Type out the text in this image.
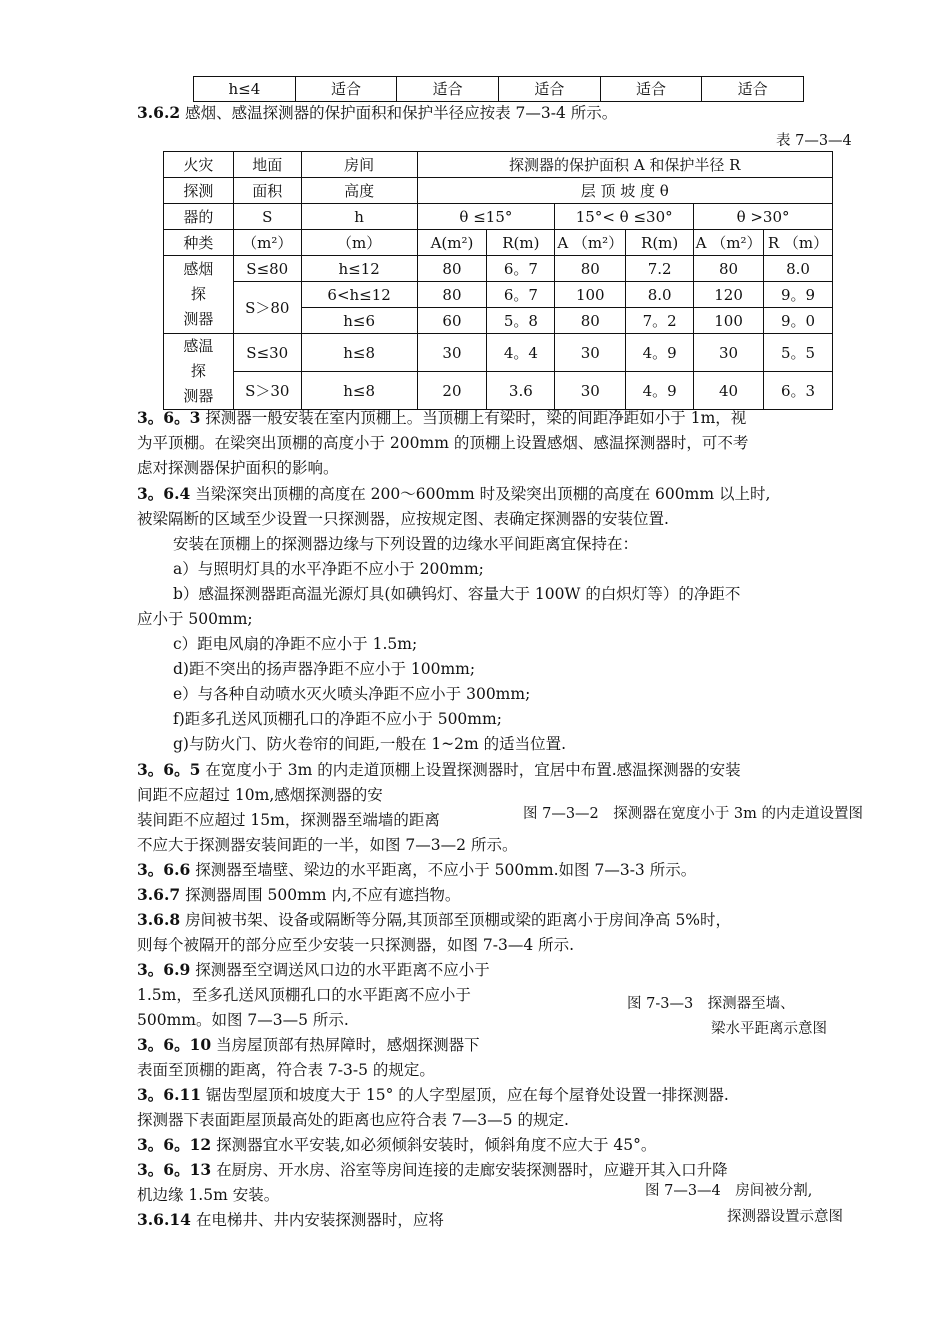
h≤4	适合	适合	适合	适合	适合
3.6.2 感烟、感温探测器的保护面积和保护半径应按表 7—3-4 所示。
表 7—3—4
火灾	地面	房间	探测器的保护面积 A 和保护半径 R					
探测	面积	高度	层 顶 坡 度 θ					
器的	S	h	θ ≤15°		15°< θ ≤30°		θ >30°	
种类	（m²）	（m）	A(m²)	R(m)	A （m²）	R(m)	A （m²）	R （m）

感烟
探
测器	S≤80	h≤12	80	6。7	80	7.2	80	8.0
	S＞80	6<h≤12	80	6。7	100	8.0	120	9。9
		h≤6	60	5。8	80	7。2	100	9。0

感温
探
测器	S≤30	h≤8	30	4。4	30	4。9	30	5。5
	S＞30	h≤8	20	3.6	30	4。9	40	6。3
3。6。3 探测器一般安装在室内顶棚上。当顶棚上有梁时，梁的间距净距如小于 1m，视
为平顶棚。在梁突出顶棚的高度小于 200mm 的顶棚上设置感烟、感温探测器时，可不考
虑对探测器保护面积的影响。
3。6.4 当梁深突出顶棚的高度在 200～600mm 时及梁突出顶棚的高度在 600mm 以上时,
被梁隔断的区域至少设置一只探测器，应按规定图、表确定探测器的安装位置.
安装在顶棚上的探测器边缘与下列设置的边缘水平间距离宜保持在：
a）与照明灯具的水平净距不应小于 200mm;
b）感温探测器距高温光源灯具(如碘钨灯、容量大于 100W 的白炽灯等）的净距不
应小于 500mm;
c）距电风扇的净距不应小于 1.5m;
d)距不突出的扬声器净距不应小于 100mm;
e）与各种自动喷水灭火喷头净距不应小于 300mm;
f)距多孔送风顶棚孔口的净距不应小于 500mm;
g)与防火门、防火卷帘的间距,一般在 1~2m 的适当位置.
3。6。5 在宽度小于 3m 的内走道顶棚上设置探测器时，宜居中布置.感温探测器的安装
间距不应超过 10m,感烟探测器的安
装间距不应超过 15m，探测器至端墙的距离
不应大于探测器安装间距的一半，如图 7—3—2 所示。
图 7—3—2　探测器在宽度小于 3m 的内走道设置图
3。6.6 探测器至墙壁、梁边的水平距离，不应小于 500mm.如图 7—3-3 所示。
3.6.7 探测器周围 500mm 内,不应有遮挡物。
3.6.8 房间被书架、设备或隔断等分隔,其顶部至顶棚或梁的距离小于房间净高 5%时，
则每个被隔开的部分应至少安装一只探测器，如图 7-3—4 所示.
3。6.9 探测器至空调送风口边的水平距离不应小于
1.5m，至多孔送风顶棚孔口的水平距离不应小于
500mm。如图 7—3—5 所示.
图 7-3—3　探测器至墙、
梁水平距离示意图
3。6。10 当房屋顶部有热屏障时，感烟探测器下
表面至顶棚的距离，符合表 7-3-5 的规定。
3。6.11 锯齿型屋顶和坡度大于 15° 的人字型屋顶，应在每个屋脊处设置一排探测器.
探测器下表面距屋顶最高处的距离也应符合表 7—3—5 的规定.
3。6。12 探测器宜水平安装,如必须倾斜安装时，倾斜角度不应大于 45°。
3。6。13 在厨房、开水房、浴室等房间连接的走廊安装探测器时，应避开其入口升降
机边缘 1.5m 安装。	图 7—3—4　房间被分割,
3.6.14 在电梯井、井内安装探测器时，应将	探测器设置示意图
